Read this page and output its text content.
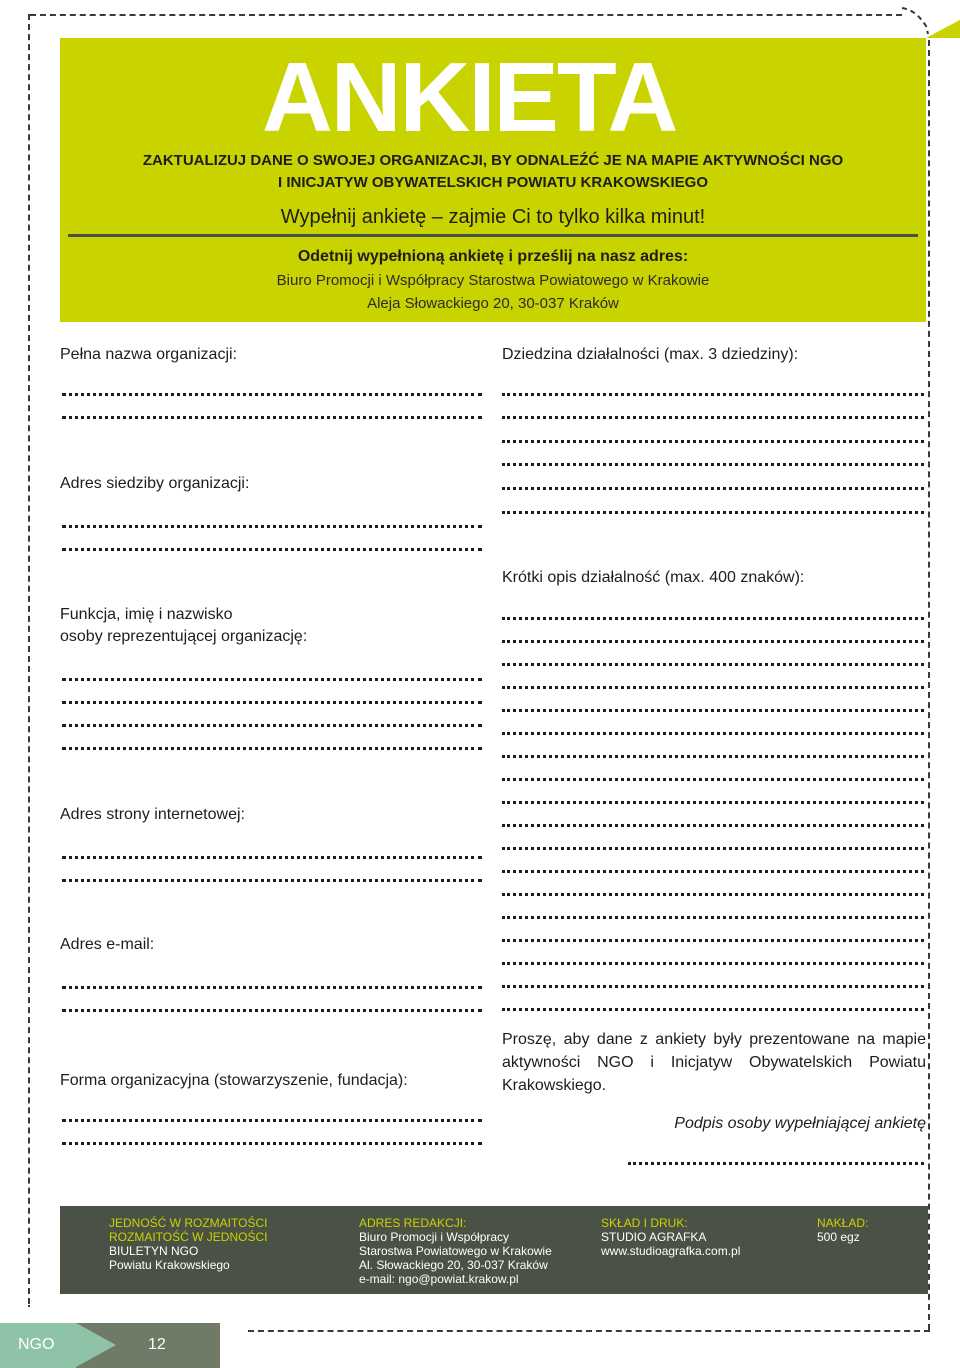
ANKIETA
ZAKTUALIZUJ DANE O SWOJEJ ORGANIZACJI, BY ODNALEŹĆ JE NA MAPIE AKTYWNOŚCI NGO
I INICJATYW OBYWATELSKICH POWIATU KRAKOWSKIEGO
Wypełnij ankietę – zajmie Ci to tylko kilka minut!
Odetnij wypełnioną ankietę i prześlij na nasz adres:
Biuro Promocji i Współpracy Starostwa Powiatowego w Krakowie
Aleja Słowackiego 20, 30-037 Kraków
Pełna nazwa organizacji:
Adres siedziby organizacji:
Funkcja, imię i nazwisko
osoby reprezentującej organizację:
Adres strony internetowej:
Adres e-mail:
Forma organizacyjna (stowarzyszenie, fundacja):
Dziedzina działalności (max. 3 dziedziny):
Krótki opis działalność (max. 400 znaków):
Proszę, aby dane z ankiety były prezentowane na mapie aktywności NGO i Inicjatyw Obywatelskich Powiatu Krakowskiego.
Podpis osoby wypełniającej ankietę
JEDNOŚĆ W ROZMAITOŚCI
ROZMAITOŚĆ W JEDNOŚCI
BIULETYN NGO
Powiatu Krakowskiego
ADRES REDAKCJI:
Biuro Promocji i Współpracy
Starostwa Powiatowego w Krakowie
Al. Słowackiego 20, 30-037 Kraków
e-mail: ngo@powiat.krakow.pl
SKŁAD I DRUK:
STUDIO AGRAFKA
www.studioagrafka.com.pl
NAKŁAD:
500 egz
NGO	12
